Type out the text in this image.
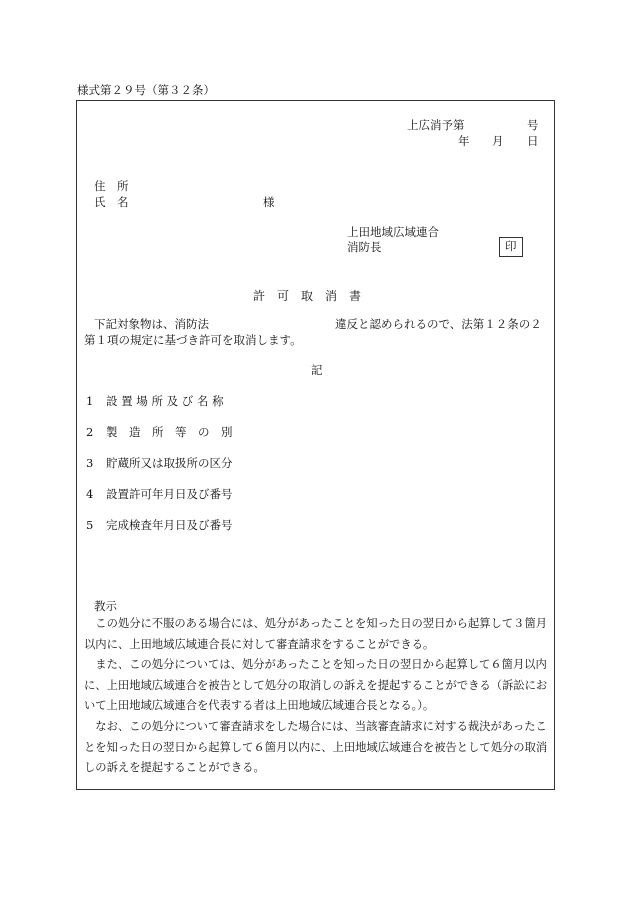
様式第２９号（第３２条）
上広消予第	号
年 月 日
住　所
氏　名	様
上田地域広域連合
消防長	印
許　可　取　消　書
下記対象物は、消防法	違反と認められるので、法第１２条の２
第１項の規定に基づき許可を取消します。
記
1 設 置 場 所 及 び 名 称
2 製　造　所　等　の　別
3 貯蔵所又は取扱所の区分
4 設置許可年月日及び番号
5 完成検査年月日及び番号
教示
この処分に不服のある場合には、処分があったことを知った日の翌日から起算して３箇月以内に、上田地域広域連合長に対して審査請求をすることができる。
また、この処分については、処分があったことを知った日の翌日から起算して６箇月以内に、上田地域広域連合を被告として処分の取消しの訴えを提起することができる（訴訟において上田地域広域連合を代表する者は上田地域広域連合長となる。）。
なお、この処分について審査請求をした場合には、当該審査請求に対する裁決があったことを知った日の翌日から起算して６箇月以内に、上田地域広域連合を被告として処分の取消しの訴えを提起することができる。
